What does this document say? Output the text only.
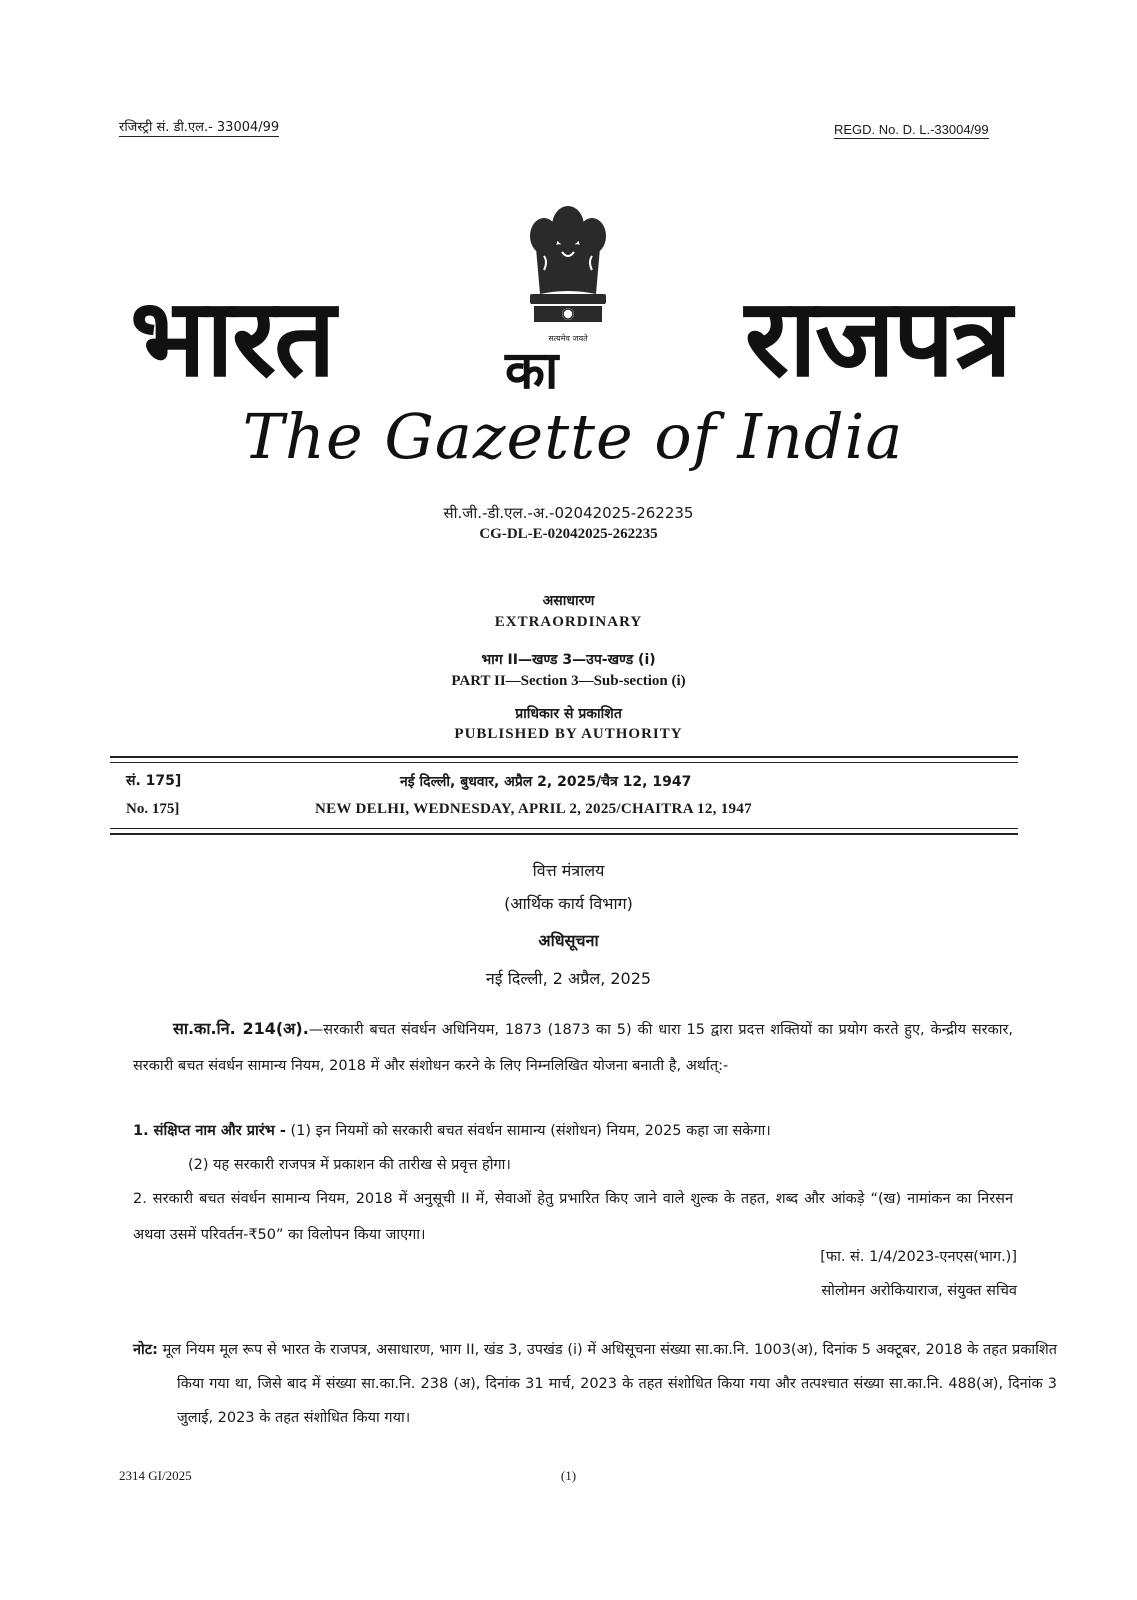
रजिस्ट्री सं. डी.एल.- 33004/99	REGD. No. D. L.-33004/99
सत्यमेव जयते
भारत	का राजपत्र
The Gazette of India
सी.जी.-डी.एल.-अ.-02042025-262235
CG-DL-E-02042025-262235
असाधारण
EXTRAORDINARY
भाग II—खण्ड 3—उप-खण्ड (i)
PART II—Section 3—Sub-section (i)
प्राधिकार से प्रकाशित
PUBLISHED BY AUTHORITY
सं. 175]	नई दिल्ली, बुधवार, अप्रैल 2, 2025/चैत्र 12, 1947
No. 175]	NEW DELHI, WEDNESDAY, APRIL 2, 2025/CHAITRA 12, 1947
वित्त मंत्रालय
(आर्थिक कार्य विभाग)
अधिसूचना
नई दिल्ली, 2 अप्रैल, 2025
सा.का.नि. 214(अ).—सरकारी बचत संवर्धन अधिनियम, 1873 (1873 का 5) की धारा 15 द्वारा प्रदत्त शक्तियों का प्रयोग करते हुए, केन्द्रीय सरकार, सरकारी बचत संवर्धन सामान्य नियम, 2018 में और संशोधन करने के लिए निम्नलिखित योजना बनाती है, अर्थात्:-
1. संक्षिप्त नाम और प्रारंभ - (1) इन नियमों को सरकारी बचत संवर्धन सामान्य (संशोधन) नियम, 2025 कहा जा सकेगा।
(2) यह सरकारी राजपत्र में प्रकाशन की तारीख से प्रवृत्त होगा।
2. सरकारी बचत संवर्धन सामान्य नियम, 2018 में अनुसूची II में, सेवाओं हेतु प्रभारित किए जाने वाले शुल्क के तहत, शब्द और आंकड़े “(ख) नामांकन का निरसन अथवा उसमें परिवर्तन-₹50” का विलोपन किया जाएगा।
[फा. सं. 1/4/2023-एनएस(भाग.)]
सोलोमन अरोकियाराज, संयुक्त सचिव
नोट: मूल नियम मूल रूप से भारत के राजपत्र, असाधारण, भाग II, खंड 3, उपखंड (i) में अधिसूचना संख्या सा.का.नि. 1003(अ), दिनांक 5 अक्टूबर, 2018 के तहत प्रकाशित किया गया था, जिसे बाद में संख्या सा.का.नि. 238 (अ), दिनांक 31 मार्च, 2023 के तहत संशोधित किया गया और तत्पश्चात संख्या सा.का.नि. 488(अ), दिनांक 3 जुलाई, 2023 के तहत संशोधित किया गया।
2314 GI/2025	(1)
